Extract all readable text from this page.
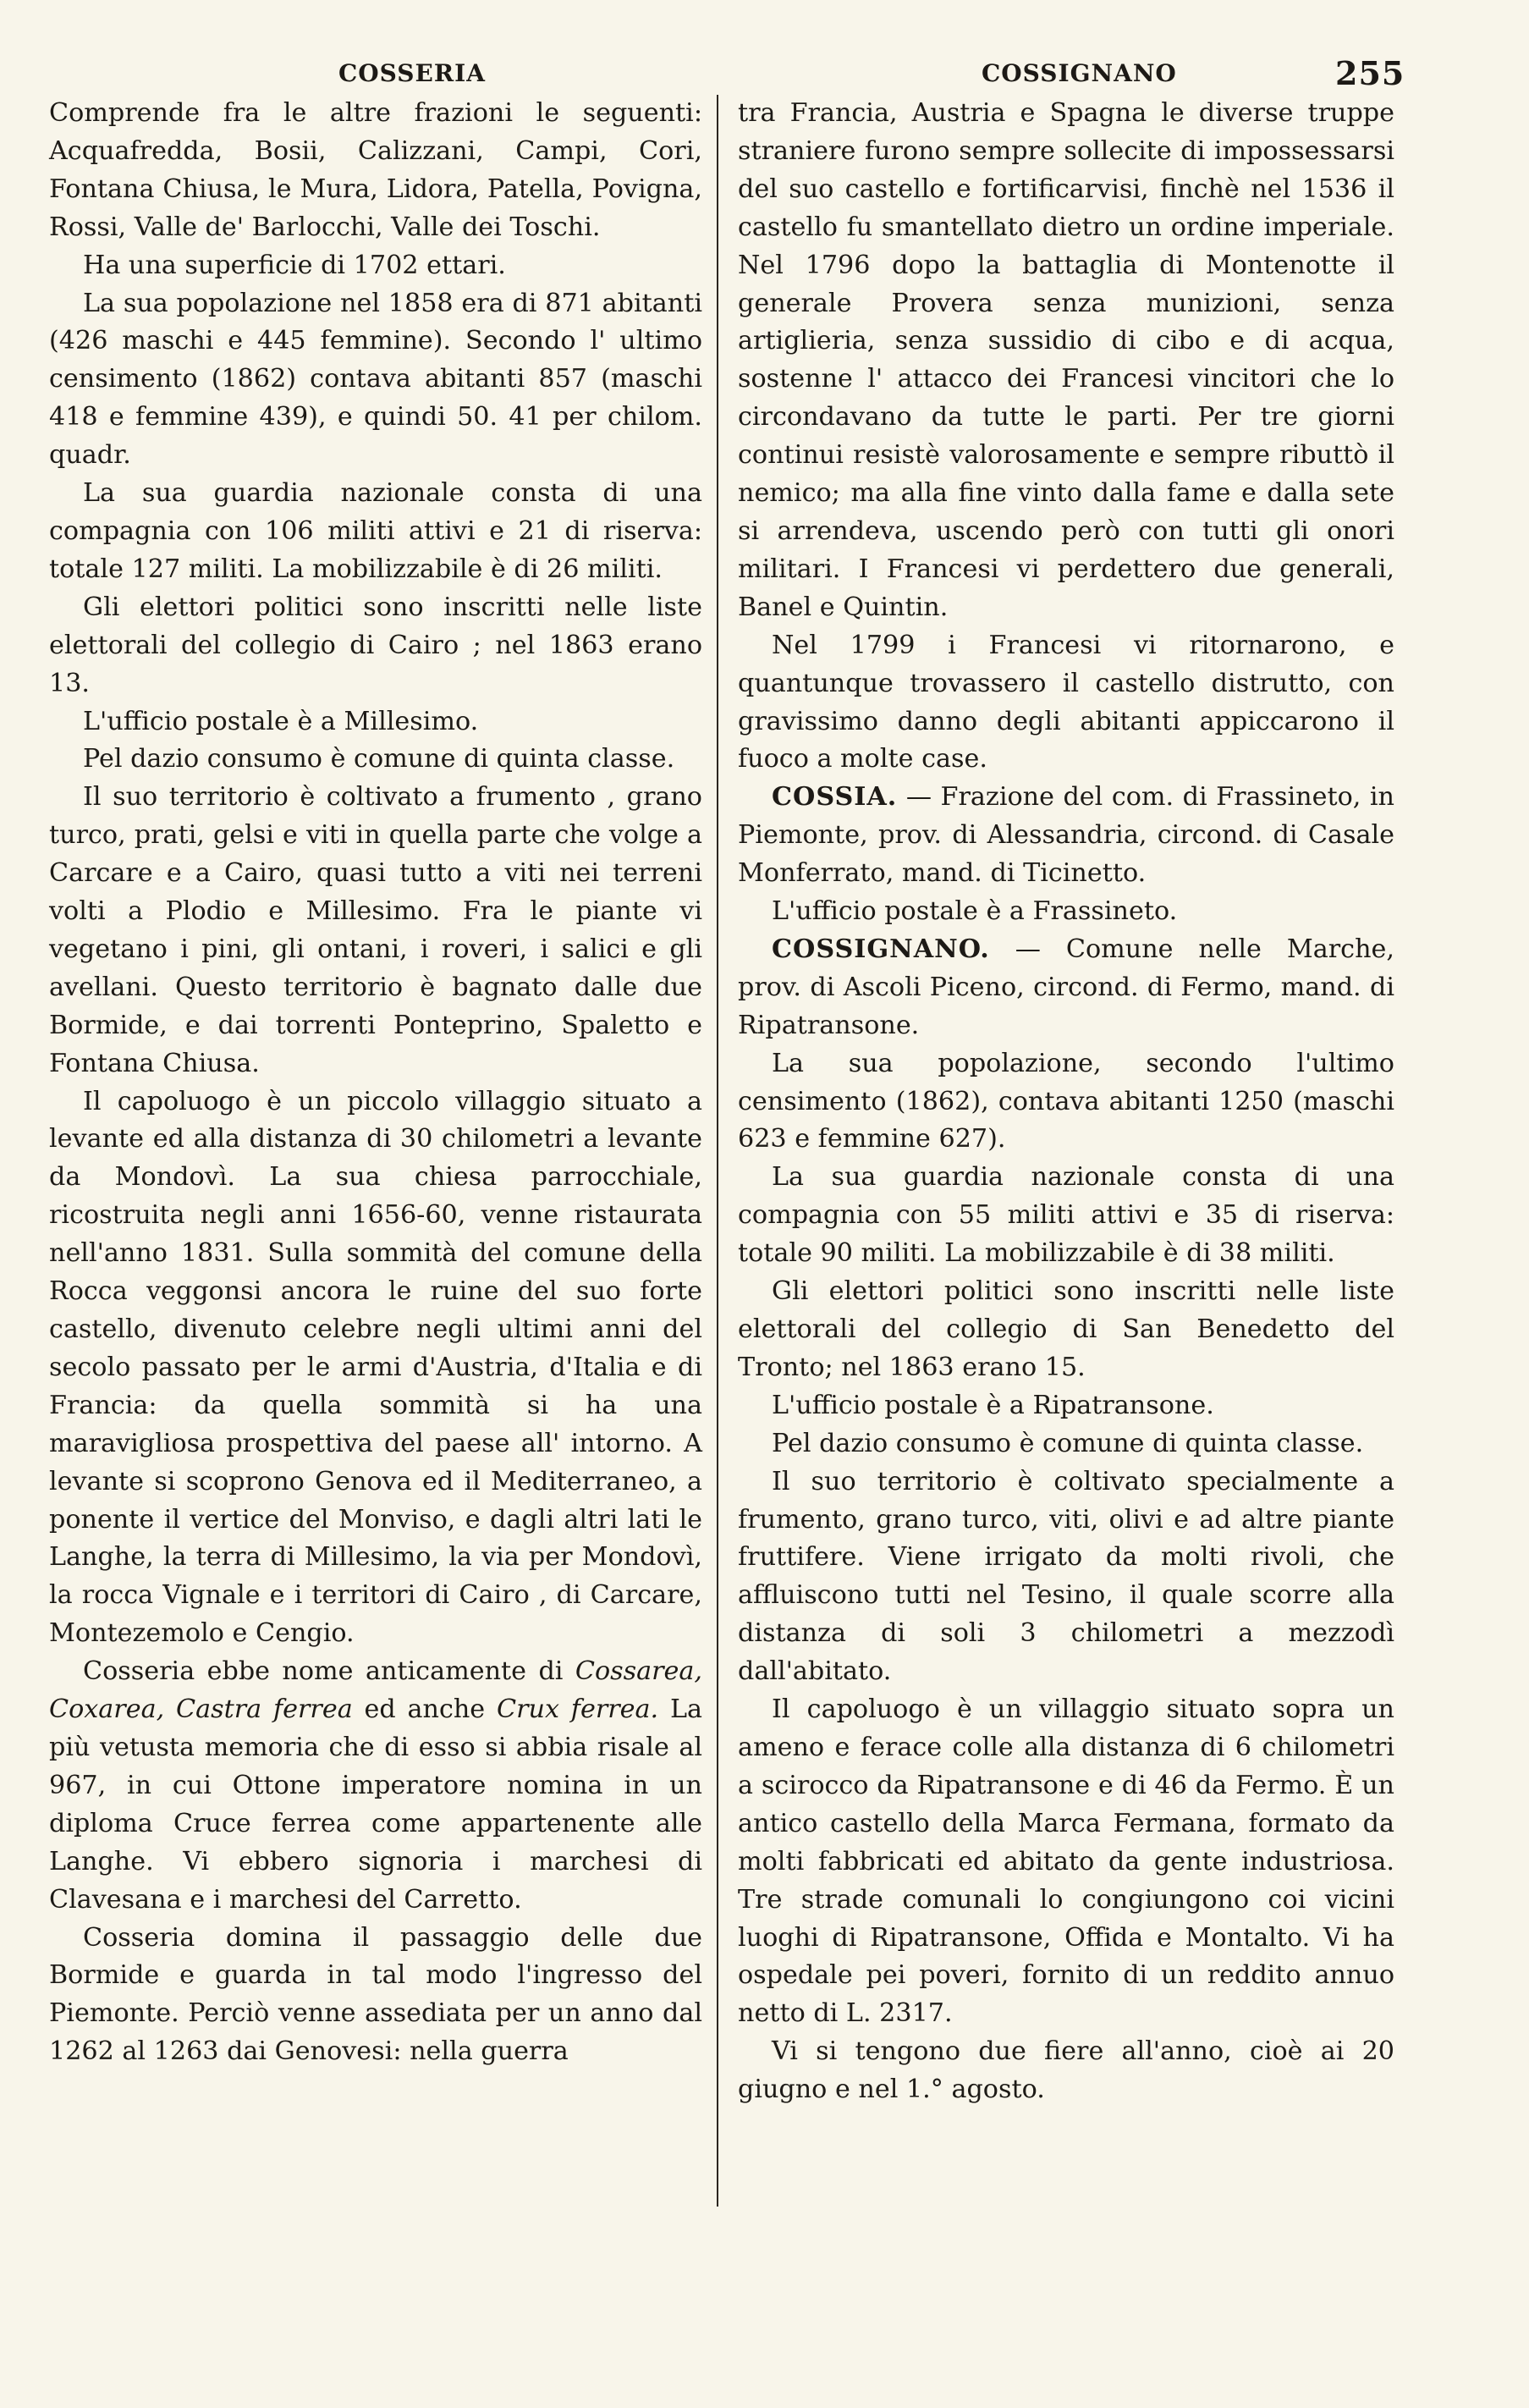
COSSERIA	COSSIGNANO	255

Comprende fra le altre frazioni le seguenti: Acquafredda, Bosii, Calizzani, Campi, Cori, Fontana Chiusa, le Mura, Lidora, Patella, Povigna, Rossi, Valle de' Barlocchi, Valle dei Toschi.

Ha una superficie di 1702 ettari.

La sua popolazione nel 1858 era di 871 abitanti (426 maschi e 445 femmine). Secondo l' ultimo censimento (1862) contava abitanti 857 (maschi 418 e femmine 439), e quindi 50. 41 per chilom. quadr.

La sua guardia nazionale consta di una compagnia con 106 militi attivi e 21 di riserva: totale 127 militi. La mobilizzabile è di 26 militi.

Gli elettori politici sono inscritti nelle liste elettorali del collegio di Cairo ; nel 1863 erano 13.

L'ufficio postale è a Millesimo.

Pel dazio consumo è comune di quinta classe.

Il suo territorio è coltivato a frumento , grano turco, prati, gelsi e viti in quella parte che volge a Carcare e a Cairo, quasi tutto a viti nei terreni volti a Plodio e Millesimo. Fra le piante vi vegetano i pini, gli ontani, i roveri, i salici e gli avellani. Questo territorio è bagnato dalle due Bormide, e dai torrenti Ponteprino, Spaletto e Fontana Chiusa.

Il capoluogo è un piccolo villaggio situato a levante ed alla distanza di 30 chilometri a levante da Mondovì. La sua chiesa parrocchiale, ricostruita negli anni 1656-60, venne ristaurata nell'anno 1831. Sulla sommità del comune della Rocca veggonsi ancora le ruine del suo forte castello, divenuto celebre negli ultimi anni del secolo passato per le armi d'Austria, d'Italia e di Francia: da quella sommità si ha una maravigliosa prospettiva del paese all' intorno. A levante si scoprono Genova ed il Mediterraneo, a ponente il vertice del Monviso, e dagli altri lati le Langhe, la terra di Millesimo, la via per Mondovì, la rocca Vignale e i territori di Cairo , di Carcare, Montezemolo e Cengio.

Cosseria ebbe nome anticamente di Cossarea, Coxarea, Castra ferrea ed anche Crux ferrea. La più vetusta memoria che di esso si abbia risale al 967, in cui Ottone imperatore nomina in un diploma Cruce ferrea come appartenente alle Langhe. Vi ebbero signoria i marchesi di Clavesana e i marchesi del Carretto.

Cosseria domina il passaggio delle due Bormide e guarda in tal modo l'ingresso del Piemonte. Perciò venne assediata per un anno dal 1262 al 1263 dai Genovesi: nella guerra

tra Francia, Austria e Spagna le diverse truppe straniere furono sempre sollecite di impossessarsi del suo castello e fortificarvisi, finchè nel 1536 il castello fu smantellato dietro un ordine imperiale. Nel 1796 dopo la battaglia di Montenotte il generale Provera senza munizioni, senza artiglieria, senza sussidio di cibo e di acqua, sostenne l' attacco dei Francesi vincitori che lo circondavano da tutte le parti. Per tre giorni continui resistè valorosamente e sempre ributtò il nemico; ma alla fine vinto dalla fame e dalla sete si arrendeva, uscendo però con tutti gli onori militari. I Francesi vi perdettero due generali, Banel e Quintin.

Nel 1799 i Francesi vi ritornarono, e quantunque trovassero il castello distrutto, con gravissimo danno degli abitanti appiccarono il fuoco a molte case.

COSSIA. — Frazione del com. di Frassineto, in Piemonte, prov. di Alessandria, circond. di Casale Monferrato, mand. di Ticinetto.

L'ufficio postale è a Frassineto.

COSSIGNANO. — Comune nelle Marche, prov. di Ascoli Piceno, circond. di Fermo, mand. di Ripatransone.

La sua popolazione, secondo l'ultimo censimento (1862), contava abitanti 1250 (maschi 623 e femmine 627).

La sua guardia nazionale consta di una compagnia con 55 militi attivi e 35 di riserva: totale 90 militi. La mobilizzabile è di 38 militi.

Gli elettori politici sono inscritti nelle liste elettorali del collegio di San Benedetto del Tronto; nel 1863 erano 15.

L'ufficio postale è a Ripatransone.

Pel dazio consumo è comune di quinta classe.

Il suo territorio è coltivato specialmente a frumento, grano turco, viti, olivi e ad altre piante fruttifere. Viene irrigato da molti rivoli, che affluiscono tutti nel Tesino, il quale scorre alla distanza di soli 3 chilometri a mezzodì dall'abitato.

Il capoluogo è un villaggio situato sopra un ameno e ferace colle alla distanza di 6 chilometri a scirocco da Ripatransone e di 46 da Fermo. È un antico castello della Marca Fermana, formato da molti fabbricati ed abitato da gente industriosa. Tre strade comunali lo congiungono coi vicini luoghi di Ripatransone, Offida e Montalto. Vi ha ospedale pei poveri, fornito di un reddito annuo netto di L. 2317.

Vi si tengono due fiere all'anno, cioè ai 20 giugno e nel 1.° agosto.
